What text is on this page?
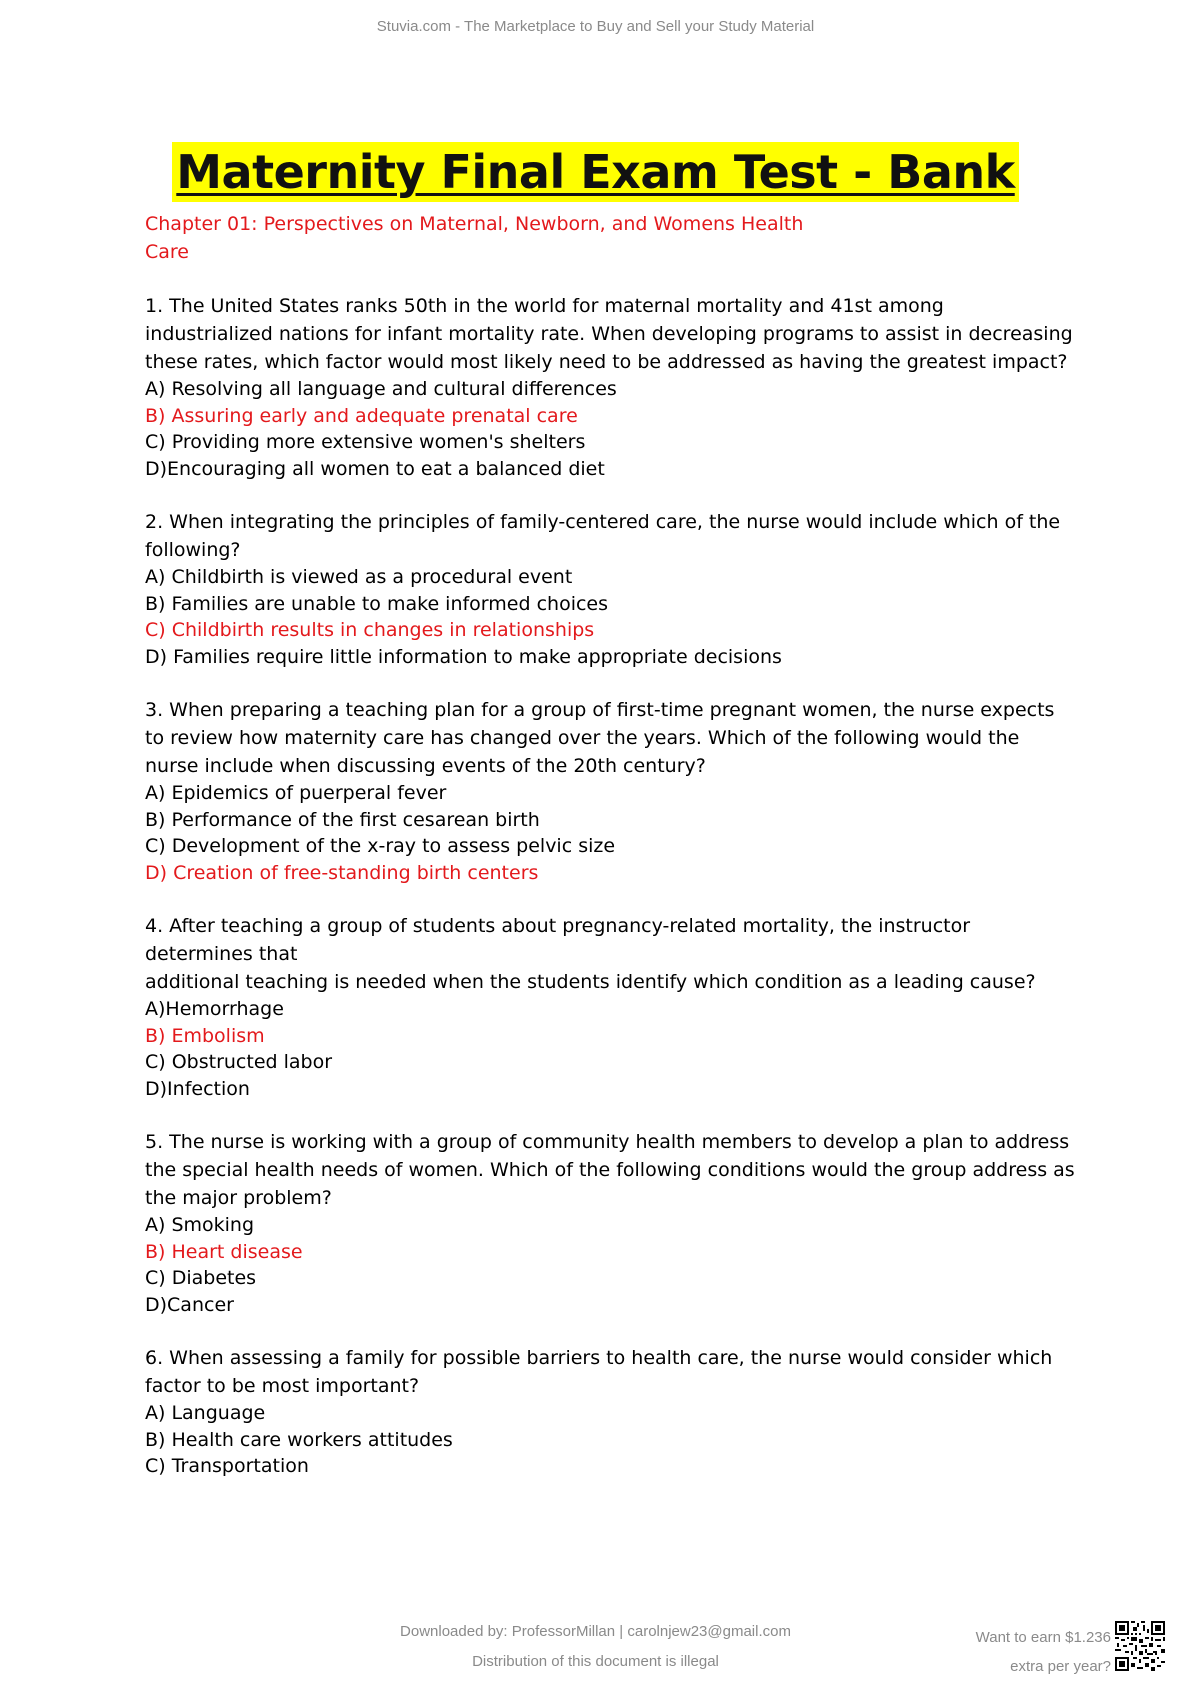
Stuvia.com - The Marketplace to Buy and Sell your Study Material
Maternity Final Exam Test - Bank
Chapter 01: Perspectives on Maternal, Newborn, and Womens Health Care

1. The United States ranks 50th in the world for maternal mortality and 41st among industrialized nations for infant mortality rate. When developing programs to assist in decreasing these rates, which factor would most likely need to be addressed as having the greatest impact?

A) Resolving all language and cultural differences

B) Assuring early and adequate prenatal care

C) Providing more extensive women's shelters

D)Encouraging all women to eat a balanced diet

2. When integrating the principles of family-centered care, the nurse would include which of the following?

A) Childbirth is viewed as a procedural event

B) Families are unable to make informed choices

C) Childbirth results in changes in relationships

D) Families require little information to make appropriate decisions

3. When preparing a teaching plan for a group of first-time pregnant women, the nurse expects to review how maternity care has changed over the years. Which of the following would the nurse include when discussing events of the 20th century?

A) Epidemics of puerperal fever

B) Performance of the first cesarean birth

C) Development of the x-ray to assess pelvic size

D) Creation of free-standing birth centers

4. After teaching a group of students about pregnancy-related mortality, the instructor determines that

additional teaching is needed when the students identify which condition as a leading cause?

A)Hemorrhage

B) Embolism

C) Obstructed labor

D)Infection

5. The nurse is working with a group of community health members to develop a plan to address the special health needs of women. Which of the following conditions would the group address as the major problem?

A) Smoking

B) Heart disease

C) Diabetes

D)Cancer

6. When assessing a family for possible barriers to health care, the nurse would consider which factor to be most important?

A) Language

B) Health care workers attitudes

C) Transportation

Downloaded by: ProfessorMillan | carolnjew23@gmail.com
Distribution of this document is illegal
Want to earn $1.236
extra per year?
